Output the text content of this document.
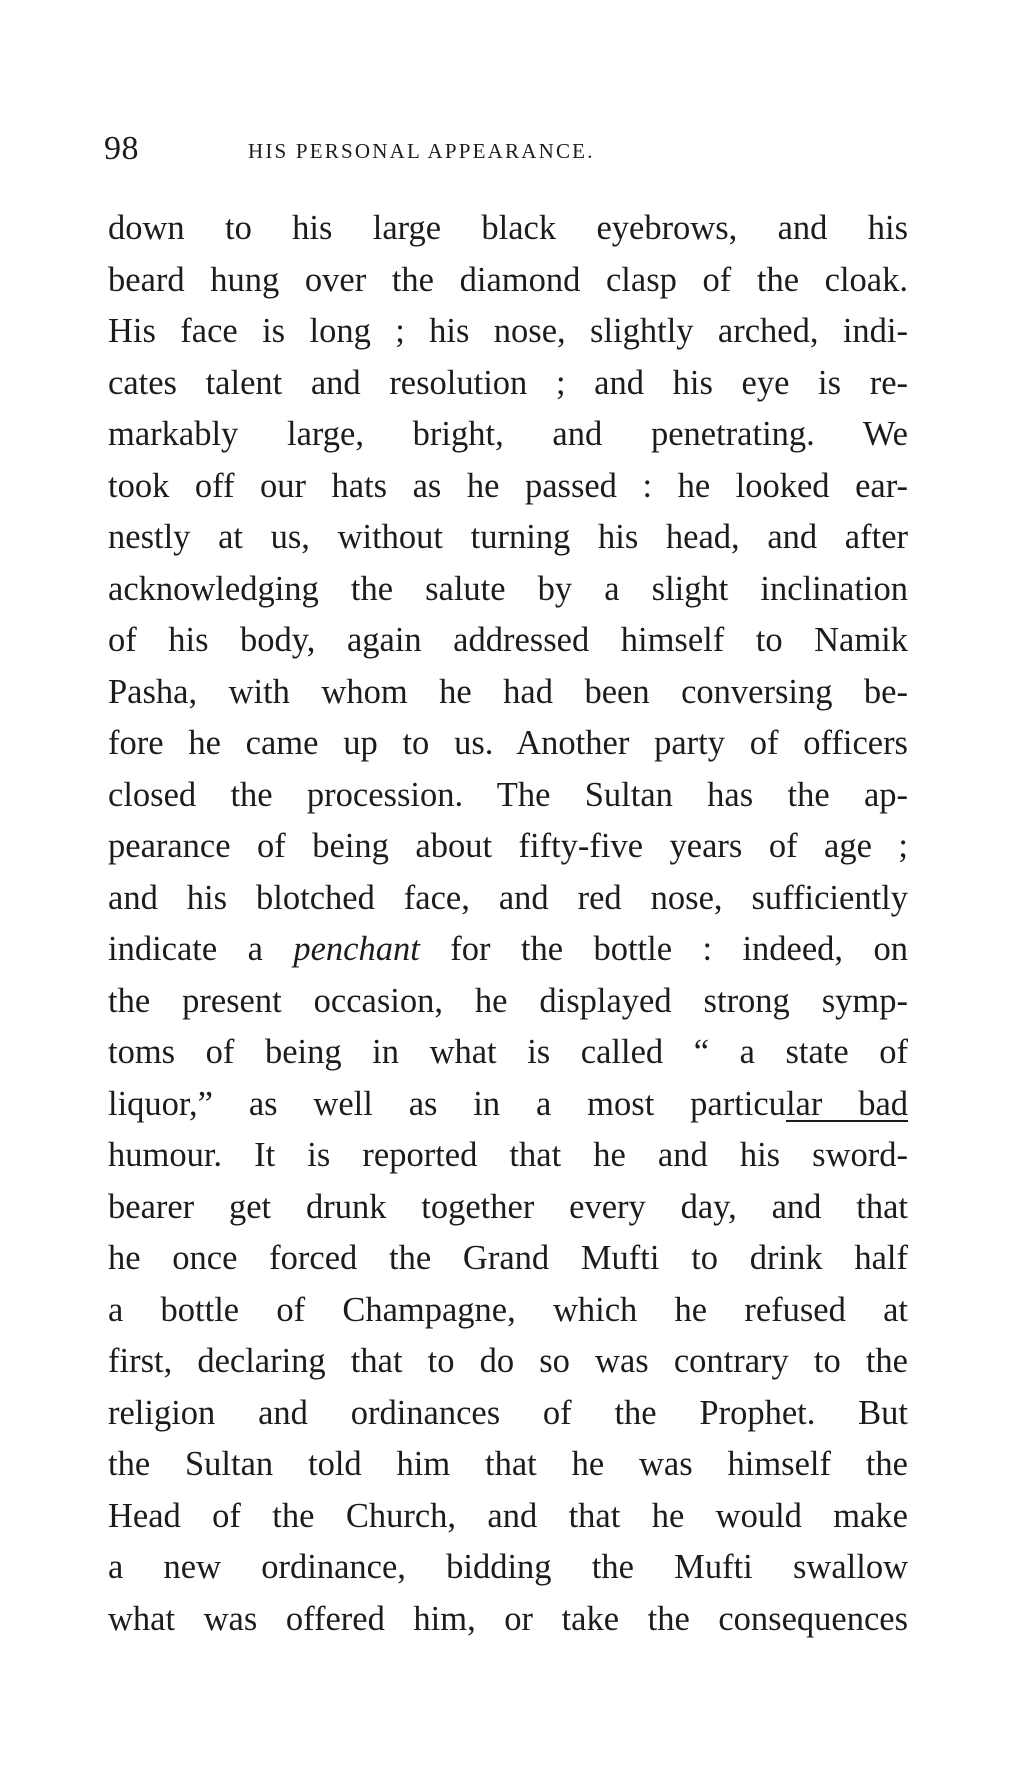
98	HIS PERSONAL APPEARANCE.
down to his large black eyebrows, and his
beard hung over the diamond clasp of the cloak.
His face is long ; his nose, slightly arched, indi-
cates talent and resolution ; and his eye is re-
markably large, bright, and penetrating. We
took off our hats as he passed : he looked ear-
nestly at us, without turning his head, and after
acknowledging the salute by a slight inclination
of his body, again addressed himself to Namik
Pasha, with whom he had been conversing be-
fore he came up to us. Another party of officers
closed the procession. The Sultan has the ap-
pearance of being about fifty-five years of age ;
and his blotched face, and red nose, sufficiently
indicate a penchant for the bottle : indeed, on
the present occasion, he displayed strong symp-
toms of being in what is called “ a state of
liquor,” as well as in a most particular bad
humour. It is reported that he and his sword-
bearer get drunk together every day, and that
he once forced the Grand Mufti to drink half
a bottle of Champagne, which he refused at
first, declaring that to do so was contrary to the
religion and ordinances of the Prophet. But
the Sultan told him that he was himself the
Head of the Church, and that he would make
a new ordinance, bidding the Mufti swallow
what was offered him, or take the consequences
